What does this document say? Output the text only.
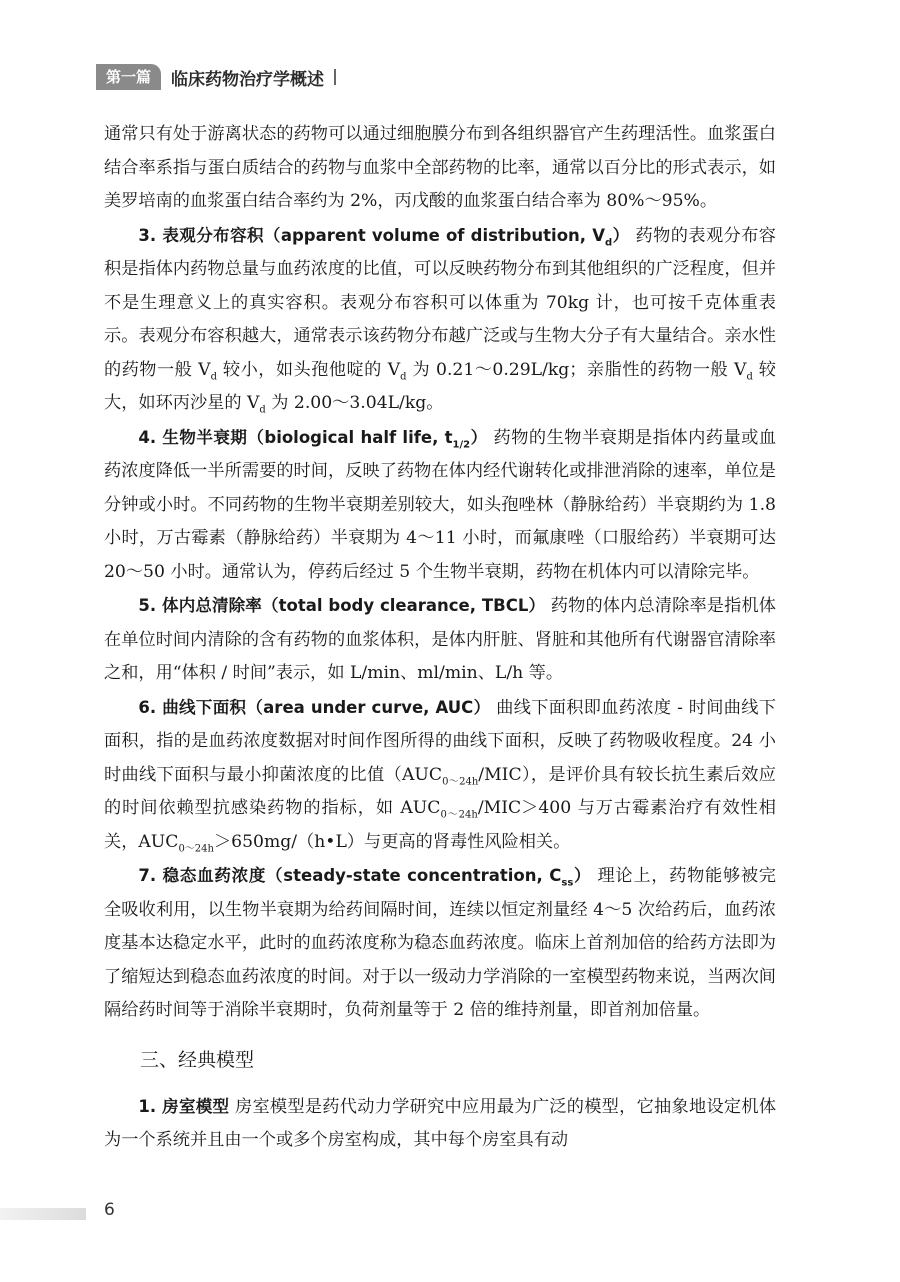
第一篇	临床药物治疗学概述

通常只有处于游离状态的药物可以通过细胞膜分布到各组织器官产生药理活性。血浆蛋白结合率系指与蛋白质结合的药物与血浆中全部药物的比率，通常以百分比的形式表示，如美罗培南的血浆蛋白结合率约为 2%，丙戊酸的血浆蛋白结合率为 80%～95%。

3. 表观分布容积（apparent volume of distribution, $V_d$） 药物的表观分布容积是指体内药物总量与血药浓度的比值，可以反映药物分布到其他组织的广泛程度，但并不是生理意义上的真实容积。表观分布容积可以体重为 70kg 计，也可按千克体重表示。表观分布容积越大，通常表示该药物分布越广泛或与生物大分子有大量结合。亲水性的药物一般 $V_d$ 较小，如头孢他啶的 $V_d$ 为 0.21～0.29L/kg；亲脂性的药物一般 $V_d$ 较大，如环丙沙星的 $V_d$ 为 2.00～3.04L/kg。

4. 生物半衰期（biological half life, $t_{1/2}$） 药物的生物半衰期是指体内药量或血药浓度降低一半所需要的时间，反映了药物在体内经代谢转化或排泄消除的速率，单位是分钟或小时。不同药物的生物半衰期差别较大，如头孢唑林（静脉给药）半衰期约为 1.8 小时，万古霉素（静脉给药）半衰期为 4～11 小时，而氟康唑（口服给药）半衰期可达 20～50 小时。通常认为，停药后经过 5 个生物半衰期，药物在机体内可以清除完毕。

5. 体内总清除率（total body clearance, TBCL） 药物的体内总清除率是指机体在单位时间内清除的含有药物的血浆体积，是体内肝脏、肾脏和其他所有代谢器官清除率之和，用“体积 / 时间”表示，如 L/min、ml/min、L/h 等。

6. 曲线下面积（area under curve, AUC） 曲线下面积即血药浓度 - 时间曲线下面积，指的是血药浓度数据对时间作图所得的曲线下面积，反映了药物吸收程度。24 小时曲线下面积与最小抑菌浓度的比值$(AUC_{0\sim 24h}/MIC)$，是评价具有较长抗生素后效应的时间依赖型抗感染药物的指标，如 $AUC_{0\sim 24h}/MIC>400$ 与万古霉素治疗有效性相关，$AUC_{0\sim 24h}>650mg/(h•L)$与更高的肾毒性风险相关。

7. 稳态血药浓度（steady-state concentration, $C_{ss}$） 理论上，药物能够被完全吸收利用，以生物半衰期为给药间隔时间，连续以恒定剂量经 4～5 次给药后，血药浓度基本达稳定水平，此时的血药浓度称为稳态血药浓度。临床上首剂加倍的给药方法即为了缩短达到稳态血药浓度的时间。对于以一级动力学消除的一室模型药物来说，当两次间隔给药时间等于消除半衰期时，负荷剂量等于 2 倍的维持剂量，即首剂加倍量。

三、经典模型

1. 房室模型 房室模型是药代动力学研究中应用最为广泛的模型，它抽象地设定机体为一个系统并且由一个或多个房室构成，其中每个房室具有动

6
